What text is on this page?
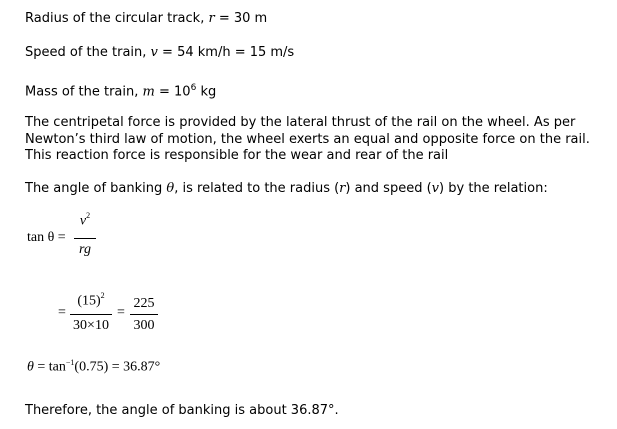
Radius of the circular track, r = 30 m
Speed of the train, v = 54 km/h = 15 m/s
Mass of the train, $m = 10^6$ kg
The centripetal force is provided by the lateral thrust of the rail on the wheel. As per Newton’s third law of motion, the wheel exerts an equal and opposite force on the rail. This reaction force is responsible for the wear and rear of the rail
The angle of banking θ, is related to the radius (r) and speed (v) by the relation:
tan θ =
$v^2$
rg
=
$(15)^2$
30×10
=
225
300
$\theta = \tan^{-1}(0.75) = 36.87^\circ$
Therefore, the angle of banking is about 36.87°.
